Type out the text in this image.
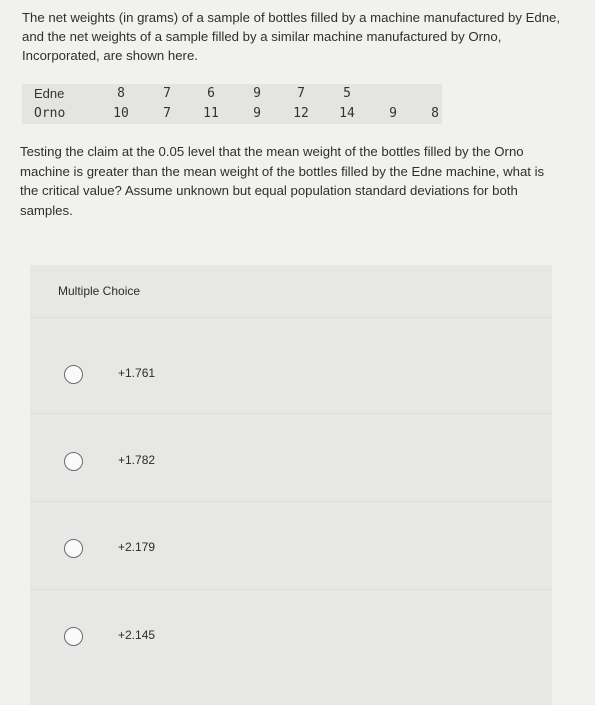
The net weights (in grams) of a sample of bottles filled by a machine manufactured by Edne, and the net weights of a sample filled by a similar machine manufactured by Orno, Incorporated, are shown here.
Edne	8	7	6	9	7	5
Orno	10	7	11	9	12	14	9	8
Testing the claim at the 0.05 level that the mean weight of the bottles filled by the Orno machine is greater than the mean weight of the bottles filled by the Edne machine, what is the critical value? Assume unknown but equal population standard deviations for both samples.
Multiple Choice
+1.761
+1.782
+2.179
+2.145
